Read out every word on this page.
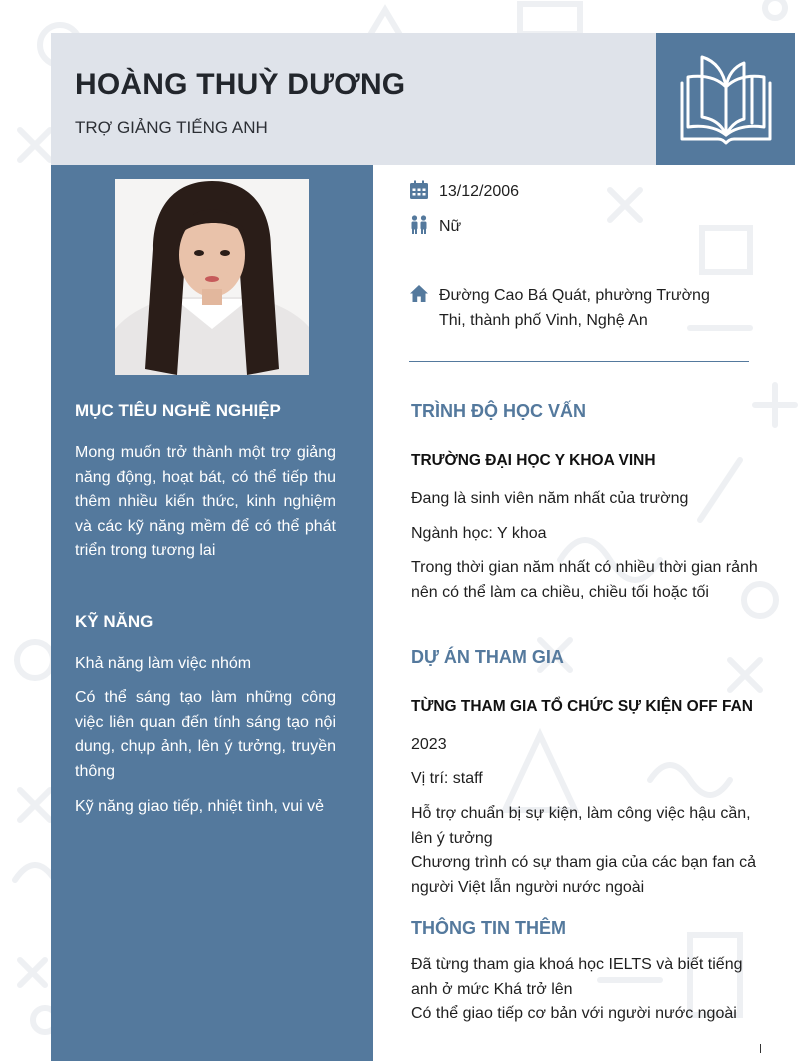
HOÀNG THUỲ DƯƠNG
TRỢ GIẢNG TIẾNG ANH
MỤC TIÊU NGHỀ NGHIỆP
Mong muốn trở thành một trợ giảng năng động, hoạt bát, có thể tiếp thu thêm nhiều kiến thức, kinh nghiệm và các kỹ năng mềm để có thể phát triển trong tương lai
KỸ NĂNG
Khả năng làm việc nhóm
Có thể sáng tạo làm những công việc liên quan đến tính sáng tạo nội dung, chụp ảnh, lên ý tưởng, truyền thông
Kỹ năng giao tiếp, nhiệt tình, vui vẻ
13/12/2006
Nữ
Đường Cao Bá Quát, phường Trường
Thi, thành phố Vinh, Nghệ An
TRÌNH ĐỘ HỌC VẤN
TRƯỜNG ĐẠI HỌC Y KHOA VINH
Đang là sinh viên năm nhất của trường
Ngành học: Y khoa
Trong thời gian năm nhất có nhiều thời gian rảnh nên có thể làm ca chiều, chiều tối hoặc tối
DỰ ÁN THAM GIA
TỪNG THAM GIA TỔ CHỨC SỰ KIỆN OFF FAN
2023
Vị trí: staff
Hỗ trợ chuẩn bị sự kiện, làm công việc hậu cần, lên ý tưởng
Chương trình có sự tham gia của các bạn fan cả người Việt lẫn người nước ngoài
THÔNG TIN THÊM
Đã từng tham gia khoá học IELTS và biết tiếng anh ở mức Khá trở lên
Có thể giao tiếp cơ bản với người nước ngoài
